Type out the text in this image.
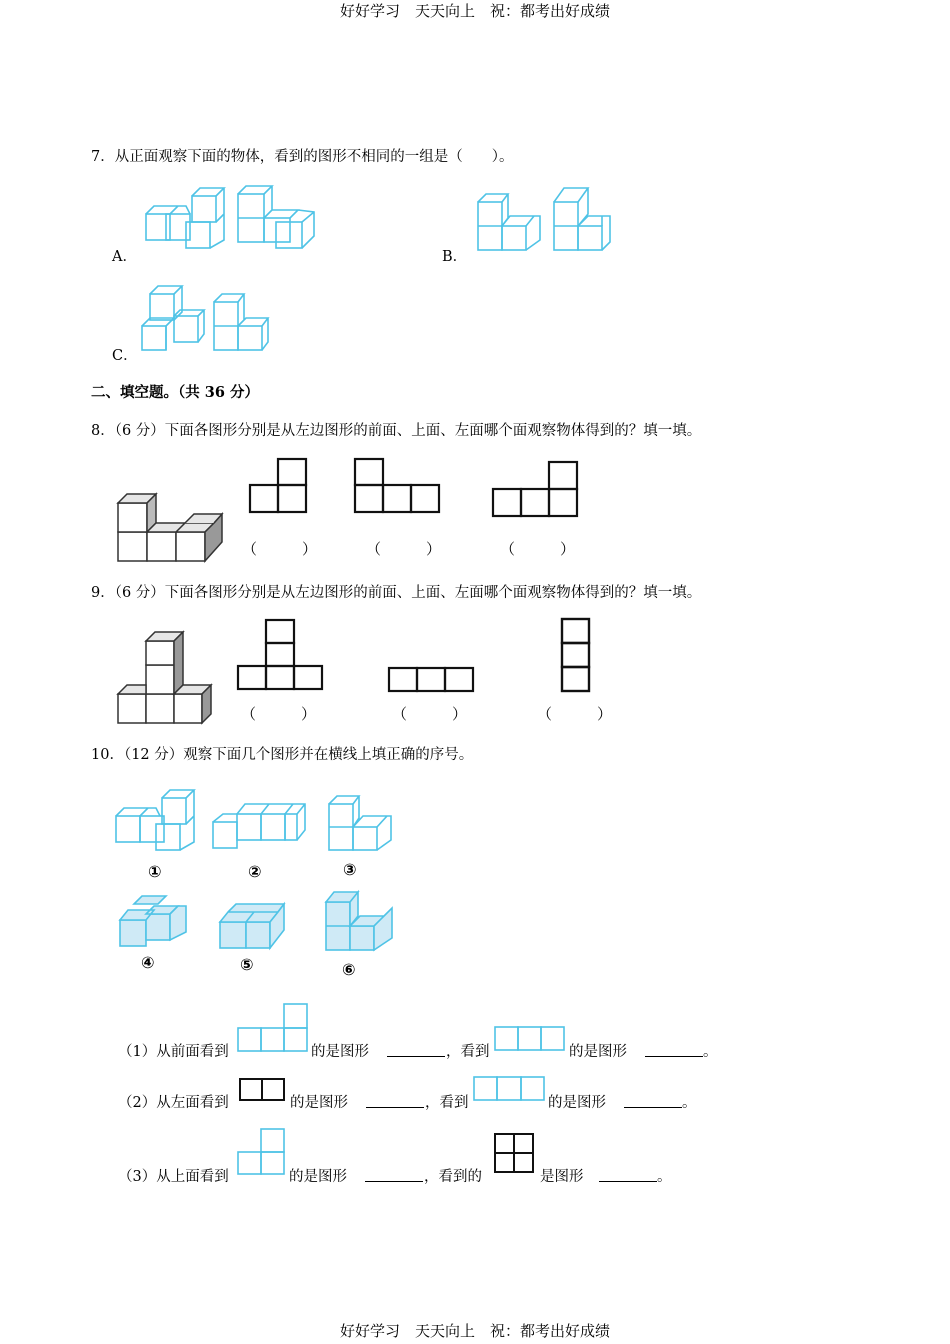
好好学习　天天向上　祝：都考出好成绩
好好学习　天天向上　祝：都考出好成绩
7．从正面观察下面的物体，看到的图形不相同的一组是（　　）。
A．	B．
C．
二、填空题。（共 36 分）
8．（6 分）下面各图形分别是从左边图形的前面、上面、左面哪个面观察物体得到的？填一填。
（　　　）	（　　　）	（　　　）
9．（6 分）下面各图形分别是从左边图形的前面、上面、左面哪个面观察物体得到的？填一填。
（　　　）	（　　　）	（　　　）
10．（12 分）观察下面几个图形并在横线上填正确的序号。
①	②	③
④	⑤	⑥
（1）从前面看到	的是图形	，看到	的是图形	。
（2）从左面看到	的是图形	，看到	的是图形	。
（3）从上面看到	的是图形	，看到的	是图形	。
